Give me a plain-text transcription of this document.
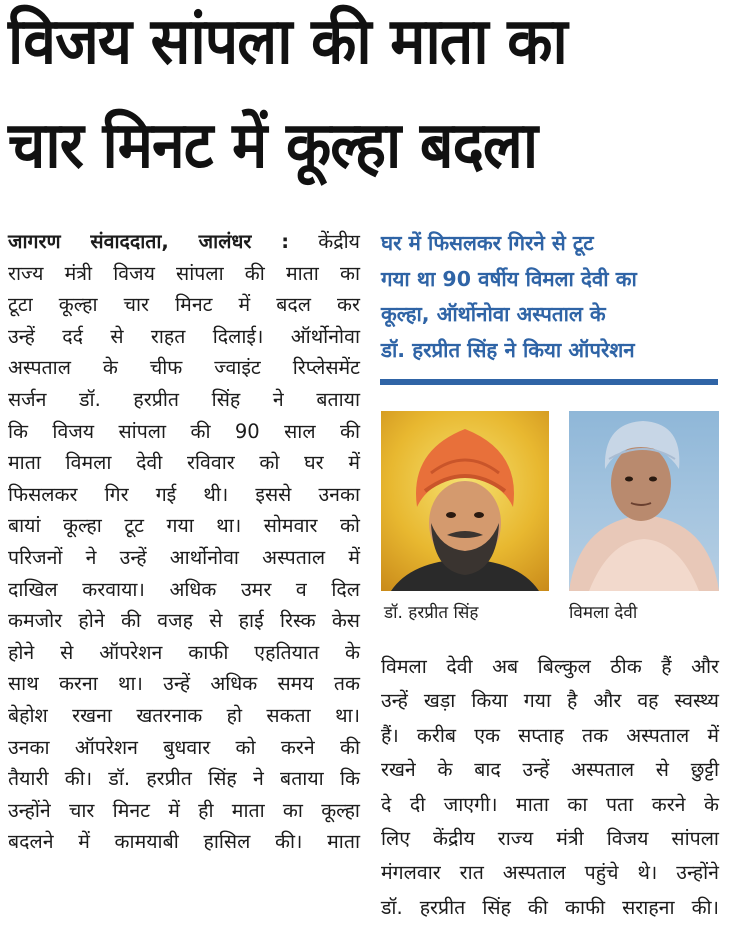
विजय सांपला की माता का
चार मिनट में कूल्हा बदला
जागरण संवाददाता, जालंधर : केंद्रीय
राज्य मंत्री विजय सांपला की माता का
टूटा कूल्हा चार मिनट में बदल कर
उन्हें दर्द से राहत दिलाई। ऑर्थोनोवा
अस्पताल के चीफ ज्वाइंट रिप्लेसमेंट
सर्जन डॉ. हरप्रीत सिंह ने बताया
कि विजय सांपला की 90 साल की
माता विमला देवी रविवार को घर में
फिसलकर गिर गई थी। इससे उनका
बायां कूल्हा टूट गया था। सोमवार को
परिजनों ने उन्हें आर्थोनोवा अस्पताल में
दाखिल करवाया। अधिक उमर व दिल
कमजोर होने की वजह से हाई रिस्क केस
होने से ऑपरेशन काफी एहतियात के
साथ करना था। उन्हें अधिक समय तक
बेहोश रखना खतरनाक हो सकता था।
उनका ऑपरेशन बुधवार को करने की
तैयारी की। डॉ. हरप्रीत सिंह ने बताया कि
उन्होंने चार मिनट में ही माता का कूल्हा
बदलने में कामयाबी हासिल की। माता
घर में फिसलकर गिरने से टूट
गया था 90 वर्षीय विमला देवी का
कूल्हा, ऑर्थोनोवा अस्पताल के
डॉ. हरप्रीत सिंह ने किया ऑपरेशन
डॉ. हरप्रीत सिंह	विमला देवी
विमला देवी अब बिल्कुल ठीक हैं और
उन्हें खड़ा किया गया है और वह स्वस्थ्य
हैं। करीब एक सप्ताह तक अस्पताल में
रखने के बाद उन्हें अस्पताल से छुट्टी
दे दी जाएगी। माता का पता करने के
लिए केंद्रीय राज्य मंत्री विजय सांपला
मंगलवार रात अस्पताल पहुंचे थे। उन्होंने
डॉ. हरप्रीत सिंह की काफी सराहना की।
